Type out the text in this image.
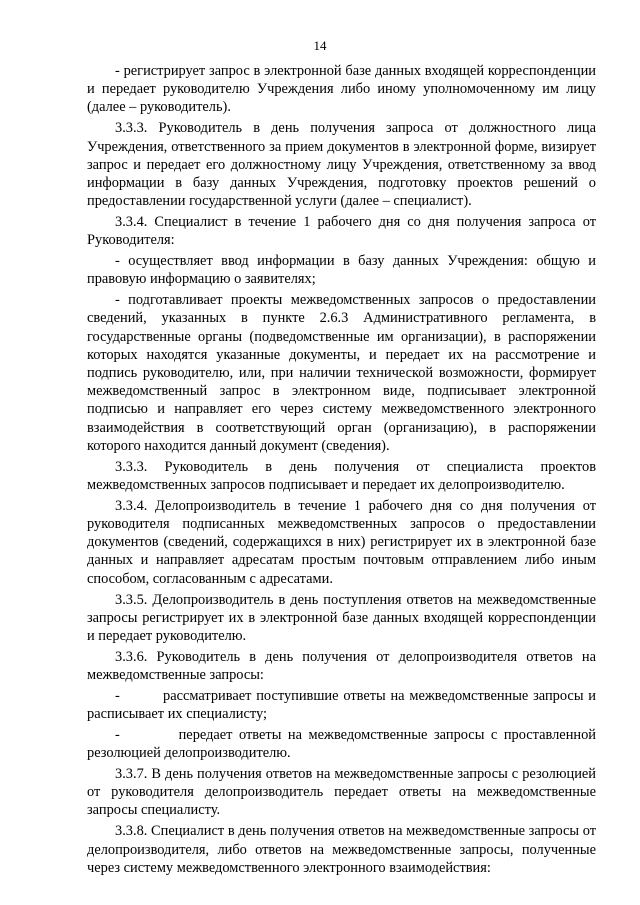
14

- регистрирует запрос в электронной базе данных входящей корреспонденции и передает руководителю Учреждения либо иному уполномоченному им лицу (далее – руководитель).

3.3.3. Руководитель в день получения запроса от должностного лица Учреждения, ответственного за прием документов в электронной форме, визирует запрос и передает его должностному лицу Учреждения, ответственному за ввод информации в базу данных Учреждения, подготовку проектов решений о предоставлении государственной услуги (далее – специалист).

3.3.4. Специалист в течение 1 рабочего дня со дня получения запроса от Руководителя:

- осуществляет ввод информации в базу данных Учреждения: общую и правовую информацию о заявителях;

- подготавливает проекты межведомственных запросов о предоставлении сведений, указанных в пункте 2.6.3 Административного регламента, в государственные органы (подведомственные им организации), в распоряжении которых находятся указанные документы, и передает их на рассмотрение и подпись руководителю, или, при наличии технической возможности, формирует межведомственный запрос в электронном виде, подписывает электронной подписью и направляет его через систему межведомственного электронного взаимодействия в соответствующий орган (организацию), в распоряжении которого находится данный документ (сведения).

3.3.3. Руководитель в день получения от специалиста проектов межведомственных запросов подписывает и передает их делопроизводителю.

3.3.4. Делопроизводитель в течение 1 рабочего дня со дня получения от руководителя подписанных межведомственных запросов о предоставлении документов (сведений, содержащихся в них) регистрирует их в электронной базе данных и направляет адресатам простым почтовым отправлением либо иным способом, согласованным с адресатами.

3.3.5. Делопроизводитель в день поступления ответов на межведомственные запросы регистрирует их в электронной базе данных входящей корреспонденции и передает руководителю.

3.3.6. Руководитель в день получения от делопроизводителя ответов на межведомственные запросы:

-         рассматривает поступившие ответы на межведомственные запросы и расписывает их специалисту;

-         передает ответы на межведомственные запросы с проставленной резолюцией делопроизводителю.

3.3.7. В день получения ответов на межведомственные запросы с резолюцией от руководителя делопроизводитель передает ответы на межведомственные запросы специалисту.

3.3.8. Специалист в день получения ответов на межведомственные запросы от делопроизводителя, либо ответов на межведомственные запросы, полученные через систему межведомственного электронного взаимодействия:
